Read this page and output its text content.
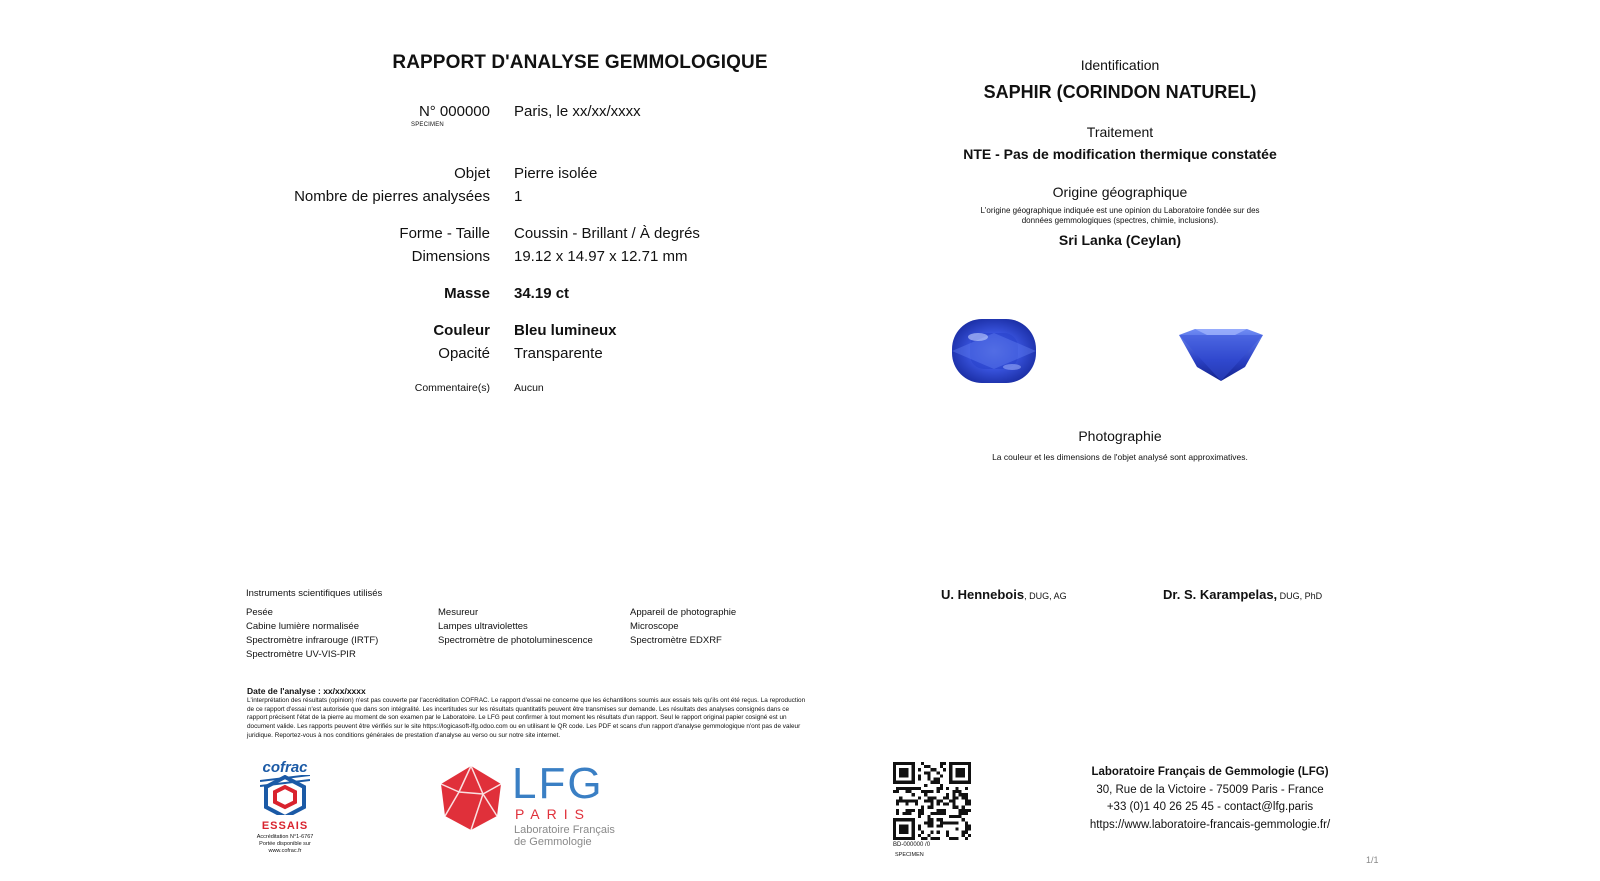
RAPPORT D'ANALYSE GEMMOLOGIQUE
N° 000000
SPECIMEN
Paris, le xx/xx/xxxx
Objet Pierre isolée
Nombre de pierres analysées 1
Forme - Taille Coussin - Brillant / À degrés
Dimensions 19.12 x 14.97 x 12.71 mm
Masse 34.19 ct
Couleur Bleu lumineux
Opacité Transparente
Commentaire(s) Aucun
Identification
SAPHIR (CORINDON NATUREL)
Traitement
NTE - Pas de modification thermique constatée
Origine géographique
L'origine géographique indiquée est une opinion du Laboratoire fondée sur des
données gemmologiques (spectres, chimie, inclusions).
Sri Lanka (Ceylan)
Photographie
La couleur et les dimensions de l'objet analysé sont approximatives.
Instruments scientifiques utilisés
Pesée
Cabine lumière normalisée
Spectromètre infrarouge (IRTF)
Spectromètre UV-VIS-PIR
Mesureur
Lampes ultraviolettes
Spectromètre de photoluminescence
Appareil de photographie
Microscope
Spectromètre EDXRF
Date de l'analyse : xx/xx/xxxx
L'interprétation des résultats (opinion) n'est pas couverte par l'accréditation COFRAC. Le rapport d'essai ne concerne que les échantillons soumis aux essais tels qu'ils ont été reçus. La reproduction de ce rapport d'essai n'est autorisée que dans son intégralité. Les incertitudes sur les résultats quantitatifs peuvent être transmises sur demande. Les résultats des analyses consignés dans ce rapport précisent l'état de la pierre au moment de son examen par le Laboratoire. Le LFG peut confirmer à tout moment les résultats d'un rapport. Seul le rapport original papier cosigné est un document valide. Les rapports peuvent être vérifiés sur le site https://logicasoft-lfg.odoo.com ou en utilisant le QR code. Les PDF et scans d'un rapport d'analyse gemmologique n'ont pas de valeur juridique. Reportez-vous à nos conditions générales de prestation d'analyse au verso ou sur notre site internet.
U. Hennebois, DUG, AG	Dr. S. Karampelas, DUG, PhD
cofrac
ESSAIS
Accréditation N°1-6767
Portée disponible sur
www.cofrac.fr
LFG
PARIS
Laboratoire Français
de Gemmologie	BD-000000 /0
SPECIMEN
Laboratoire Français de Gemmologie (LFG)
30, Rue de la Victoire - 75009 Paris - France
+33 (0)1 40 26 25 45 - contact@lfg.paris
https://www.laboratoire-francais-gemmologie.fr/
1/1
